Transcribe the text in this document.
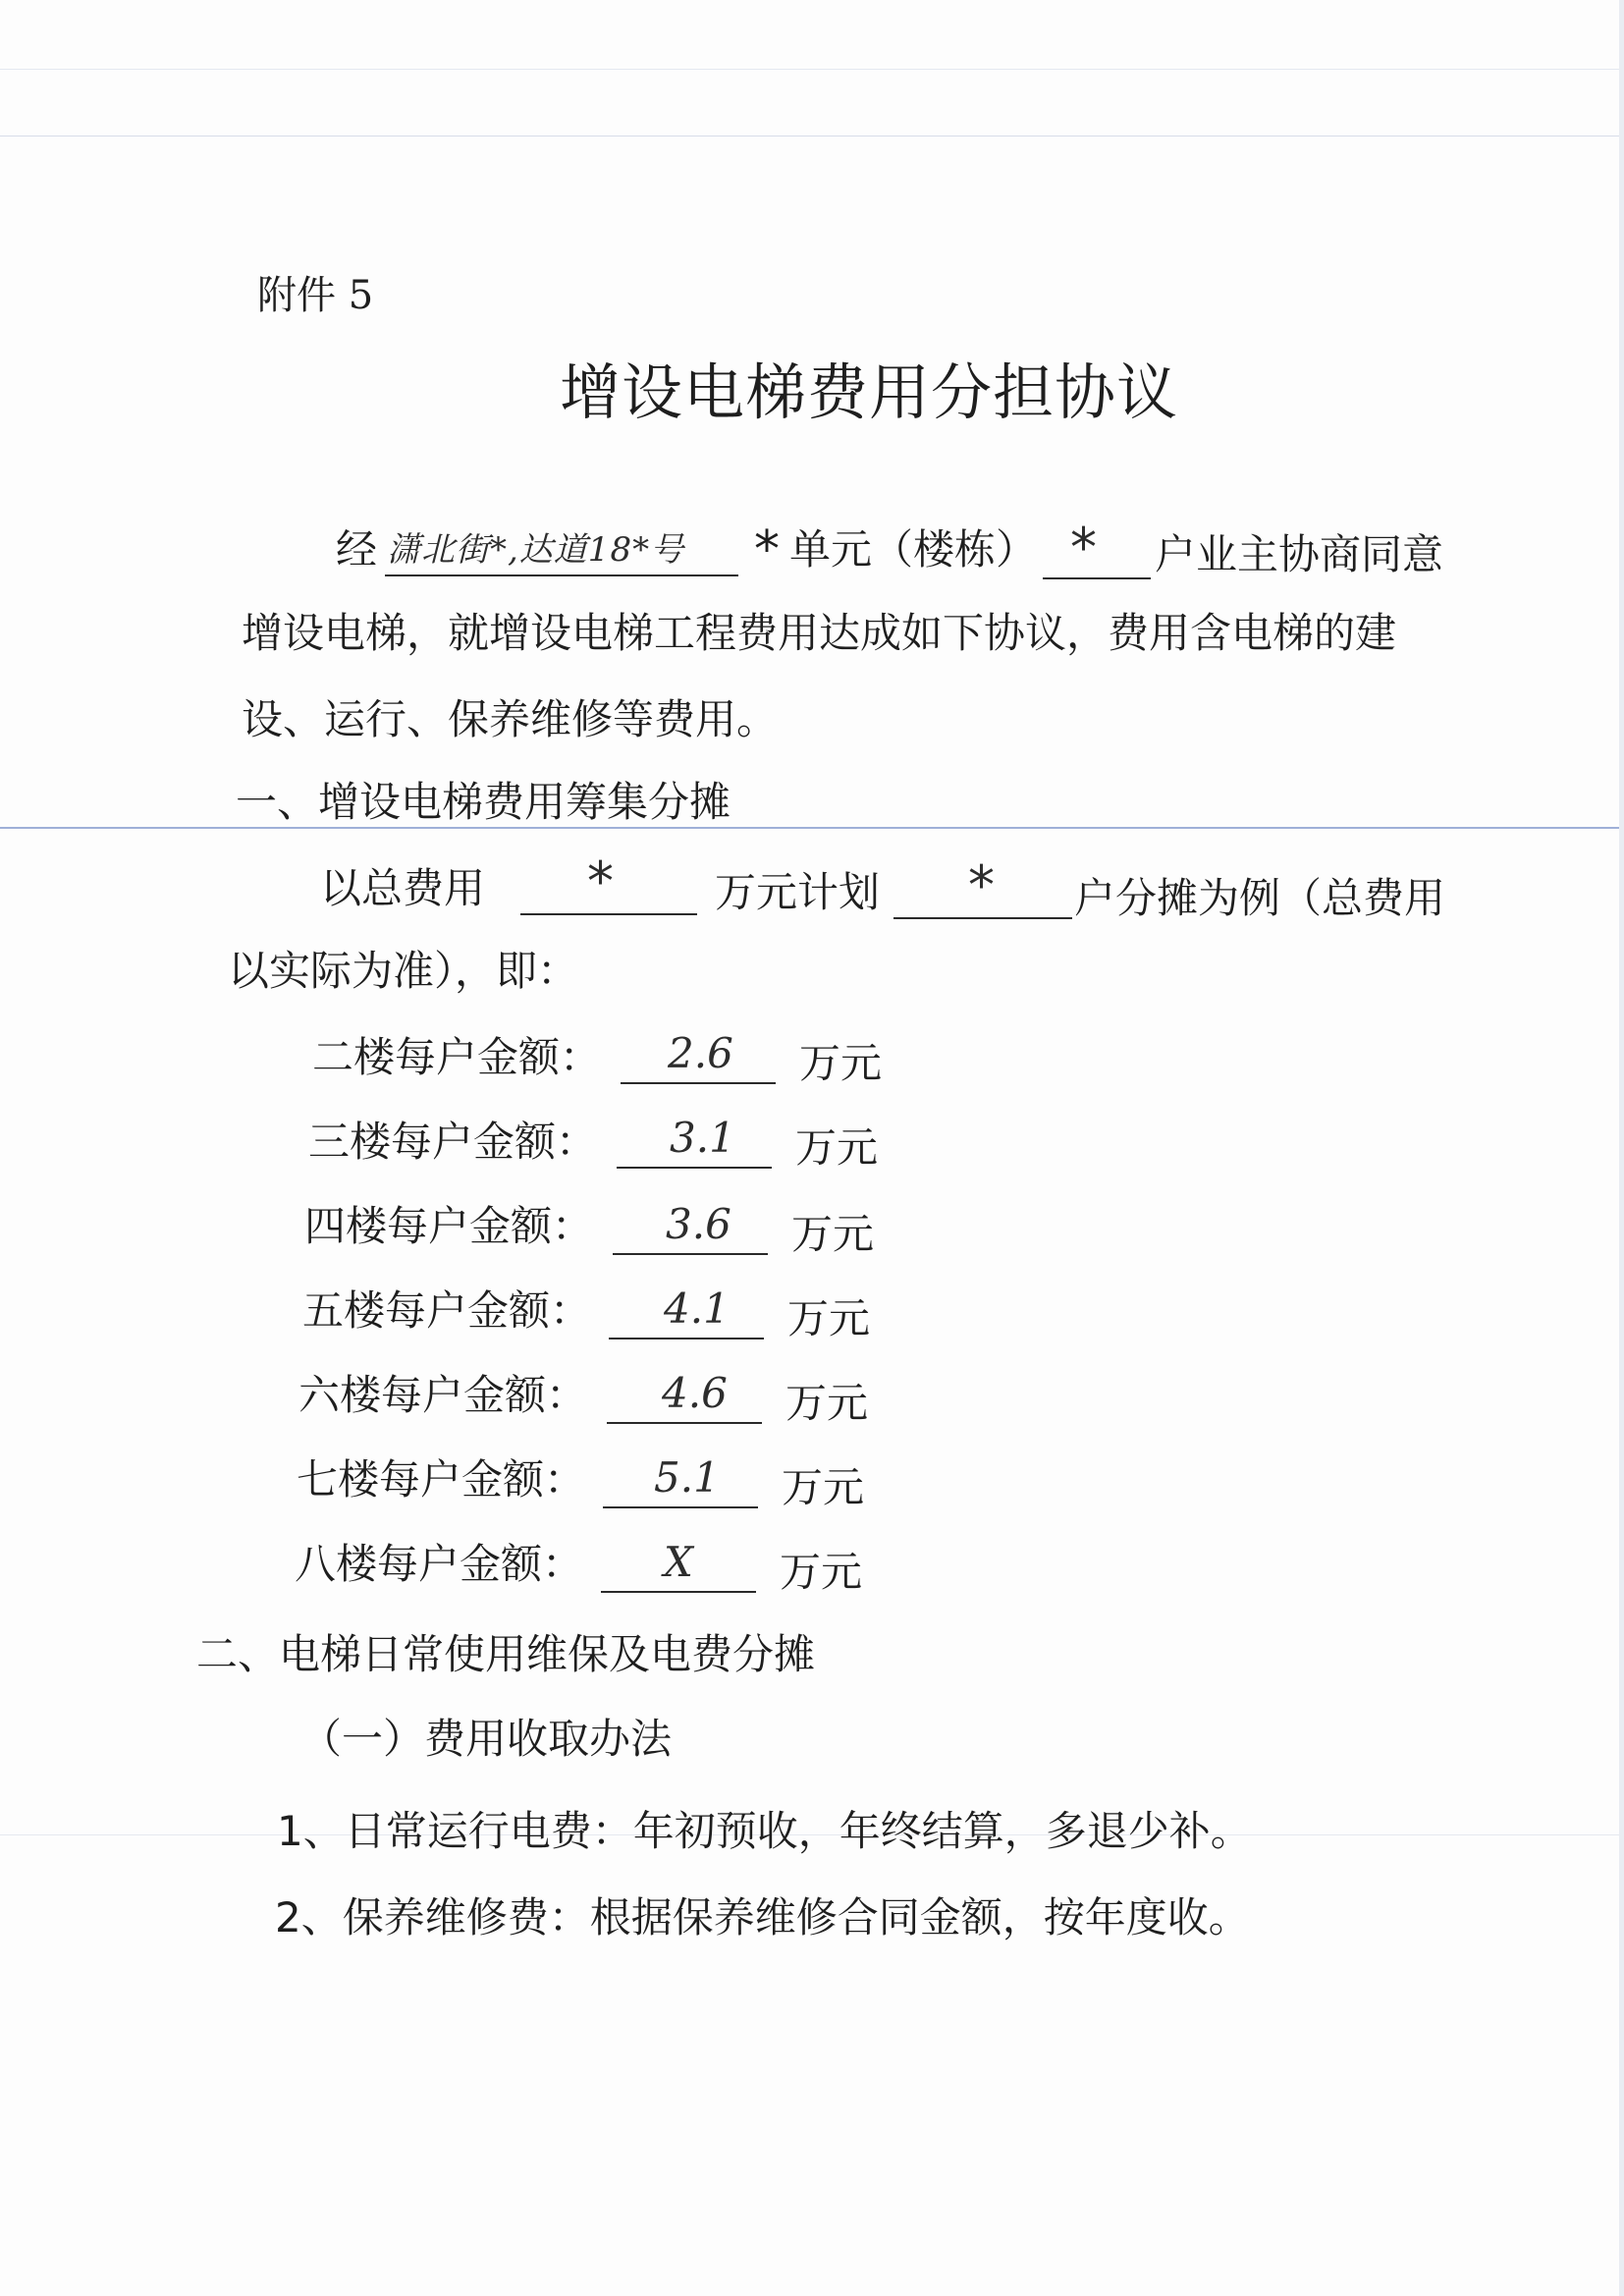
附件 5
增设电梯费用分担协议
经 潇北街*,达道18*号 * 单元（楼栋） * 户业主协商同意
增设电梯，就增设电梯工程费用达成如下协议，费用含电梯的建
设、运行、保养维修等费用。
一、增设电梯费用筹集分摊
以总费用 * 万元计划 * 户分摊为例（总费用
以实际为准），即：
二楼每户金额： 2.6 万元
三楼每户金额： 3.1 万元
四楼每户金额： 3.6 万元
五楼每户金额： 4.1 万元
六楼每户金额： 4.6 万元
七楼每户金额： 5.1 万元
八楼每户金额： X 万元
二、电梯日常使用维保及电费分摊
（一）费用收取办法
1、日常运行电费：年初预收，年终结算，多退少补。
2、保养维修费：根据保养维修合同金额，按年度收。
